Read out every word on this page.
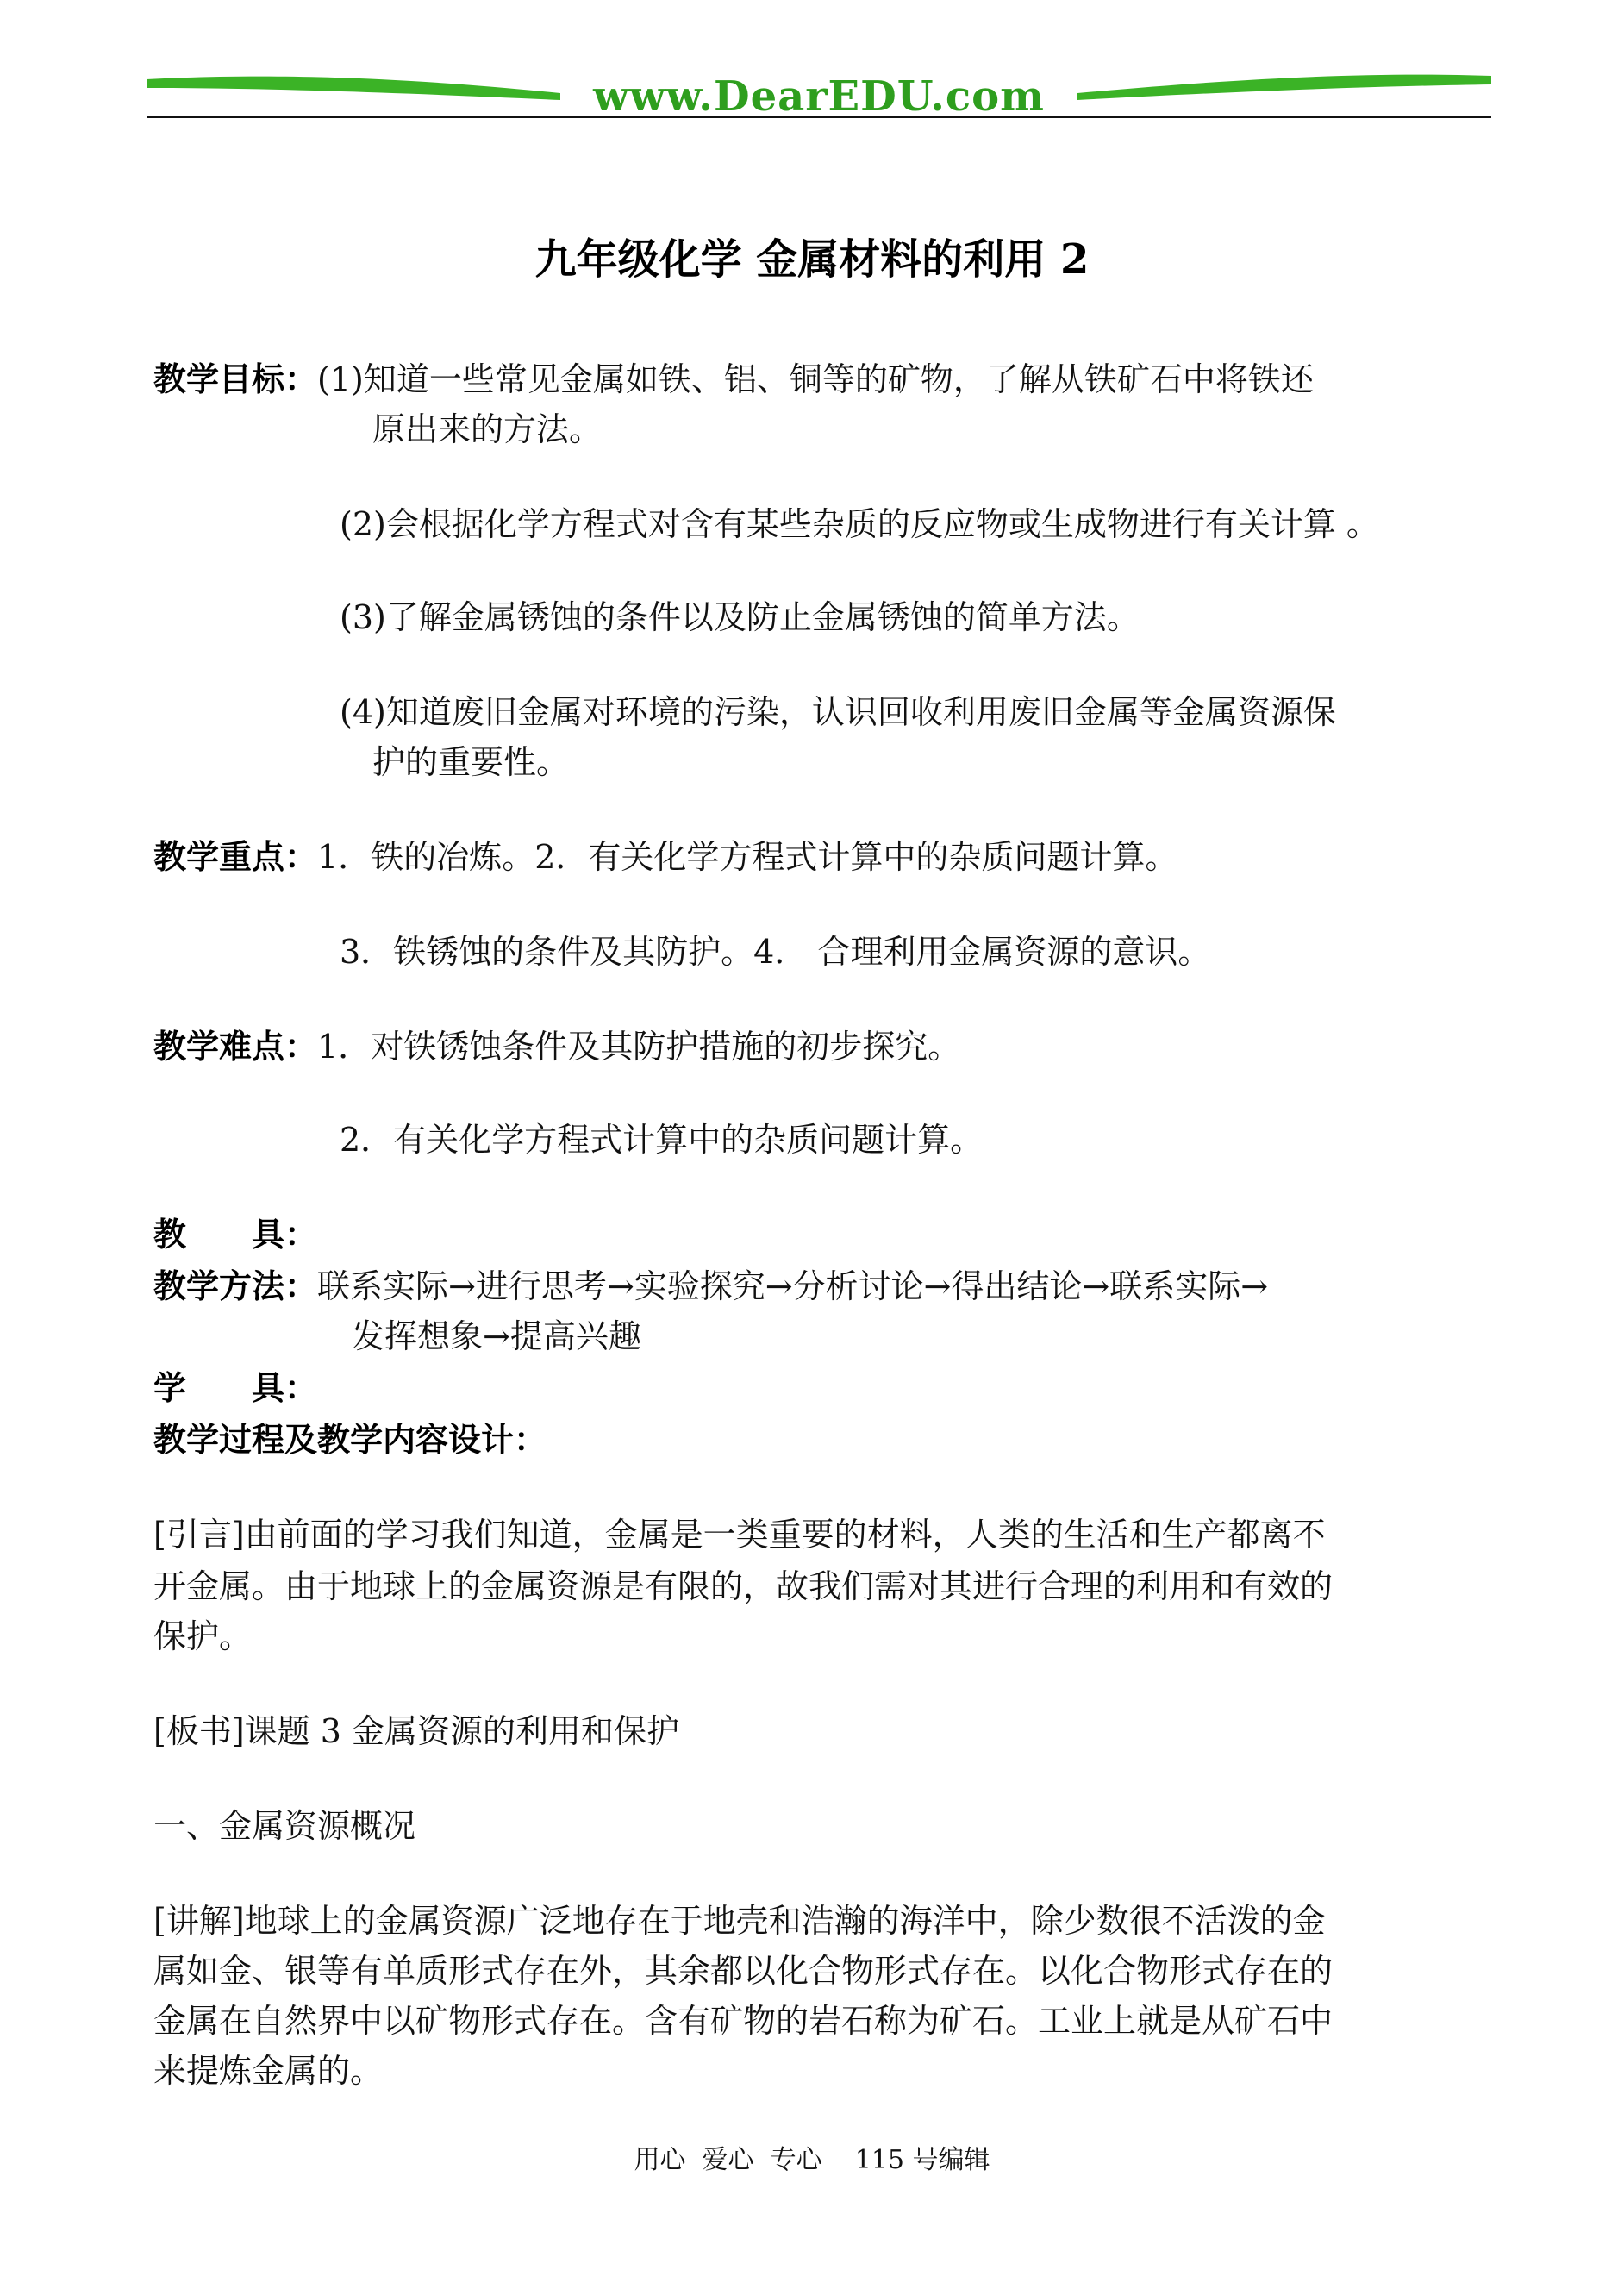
www.DearEDU.com
九年级化学 金属材料的利用 2
教学目标：(1)知道一些常见金属如铁、铝、铜等的矿物，了解从铁矿石中将铁还
原出来的方法。
(2)会根据化学方程式对含有某些杂质的反应物或生成物进行有关计算 。
(3)了解金属锈蚀的条件以及防止金属锈蚀的简单方法。
(4)知道废旧金属对环境的污染，认识回收利用废旧金属等金属资源保
护的重要性。
教学重点：1．铁的冶炼。2．有关化学方程式计算中的杂质问题计算。
3．铁锈蚀的条件及其防护。4． 合理利用金属资源的意识。
教学难点：1．对铁锈蚀条件及其防护措施的初步探究。
2．有关化学方程式计算中的杂质问题计算。
教　　具：
教学方法：联系实际→进行思考→实验探究→分析讨论→得出结论→联系实际→
发挥想象→提高兴趣
学　　具：
教学过程及教学内容设计：
[引言]由前面的学习我们知道，金属是一类重要的材料，人类的生活和生产都离不
开金属。由于地球上的金属资源是有限的，故我们需对其进行合理的利用和有效的
保护。
[板书]课题 3 金属资源的利用和保护
一、金属资源概况
[讲解]地球上的金属资源广泛地存在于地壳和浩瀚的海洋中，除少数很不活泼的金
属如金、银等有单质形式存在外，其余都以化合物形式存在。以化合物形式存在的
金属在自然界中以矿物形式存在。含有矿物的岩石称为矿石。工业上就是从矿石中
来提炼金属的。
用心  爱心  专心    115 号编辑
